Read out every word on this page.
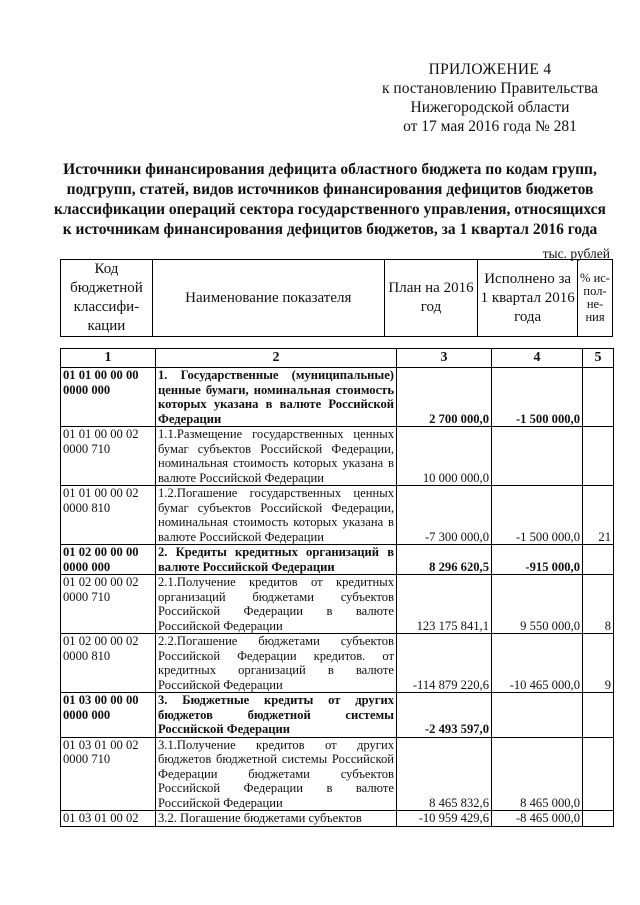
ПРИЛОЖЕНИЕ 4
к постановлению Правительства
Нижегородской области
от 17 мая 2016 года № 281
Источники финансирования дефицита областного бюджета по кодам групп,
подгрупп, статей, видов источников финансирования дефицитов бюджетов
классификации операций сектора государственного управления, относящихся
к источникам финансирования дефицитов бюджетов, за 1 квартал 2016 года
тыс. рублей
Код бюджетной классифи-кации	Наименование показателя	План на 2016 год	Исполнено за 1 квартал 2016 года	% ис-пол-не-ния
1	2	3	4	5
01 01 00 00 00 0000 000	1. Государственные (муниципальные) ценные бумаги, номинальная стоимость которых указана в валюте Российской Федерации	2 700 000,0	-1 500 000,0	
01 01 00 00 02 0000 710	1.1.Размещение государственных ценных бумаг субъектов Российской Федерации, номинальная стоимость которых указана в валюте Российской Федерации	10 000 000,0		
01 01 00 00 02 0000 810	1.2.Погашение государственных ценных бумаг субъектов Российской Федерации, номинальная стоимость которых указана в валюте Российской Федерации	-7 300 000,0	-1 500 000,0	21
01 02 00 00 00 0000 000	2. Кредиты кредитных организаций в валюте Российской Федерации	8 296 620,5	-915 000,0	
01 02 00 00 02 0000 710	2.1.Получение кредитов от кредитных организаций бюджетами субъектов Российской Федерации в валюте Российской Федерации	123 175 841,1	9 550 000,0	8
01 02 00 00 02 0000 810	2.2.Погашение бюджетами субъектов Российской Федерации кредитов. от кредитных организаций в валюте Российской Федерации	-114 879 220,6	-10 465 000,0	9
01 03 00 00 00 0000 000	3. Бюджетные кредиты от других бюджетов бюджетной системы Российской Федерации	-2 493 597,0		
01 03 01 00 02 0000 710	3.1.Получение кредитов от других бюджетов бюджетной системы Российской Федерации бюджетами субъектов Российской Федерации в валюте Российской Федерации	8 465 832,6	8 465 000,0	
01 03 01 00 02	3.2. Погашение бюджетами субъектов	-10 959 429,6	-8 465 000,0	
